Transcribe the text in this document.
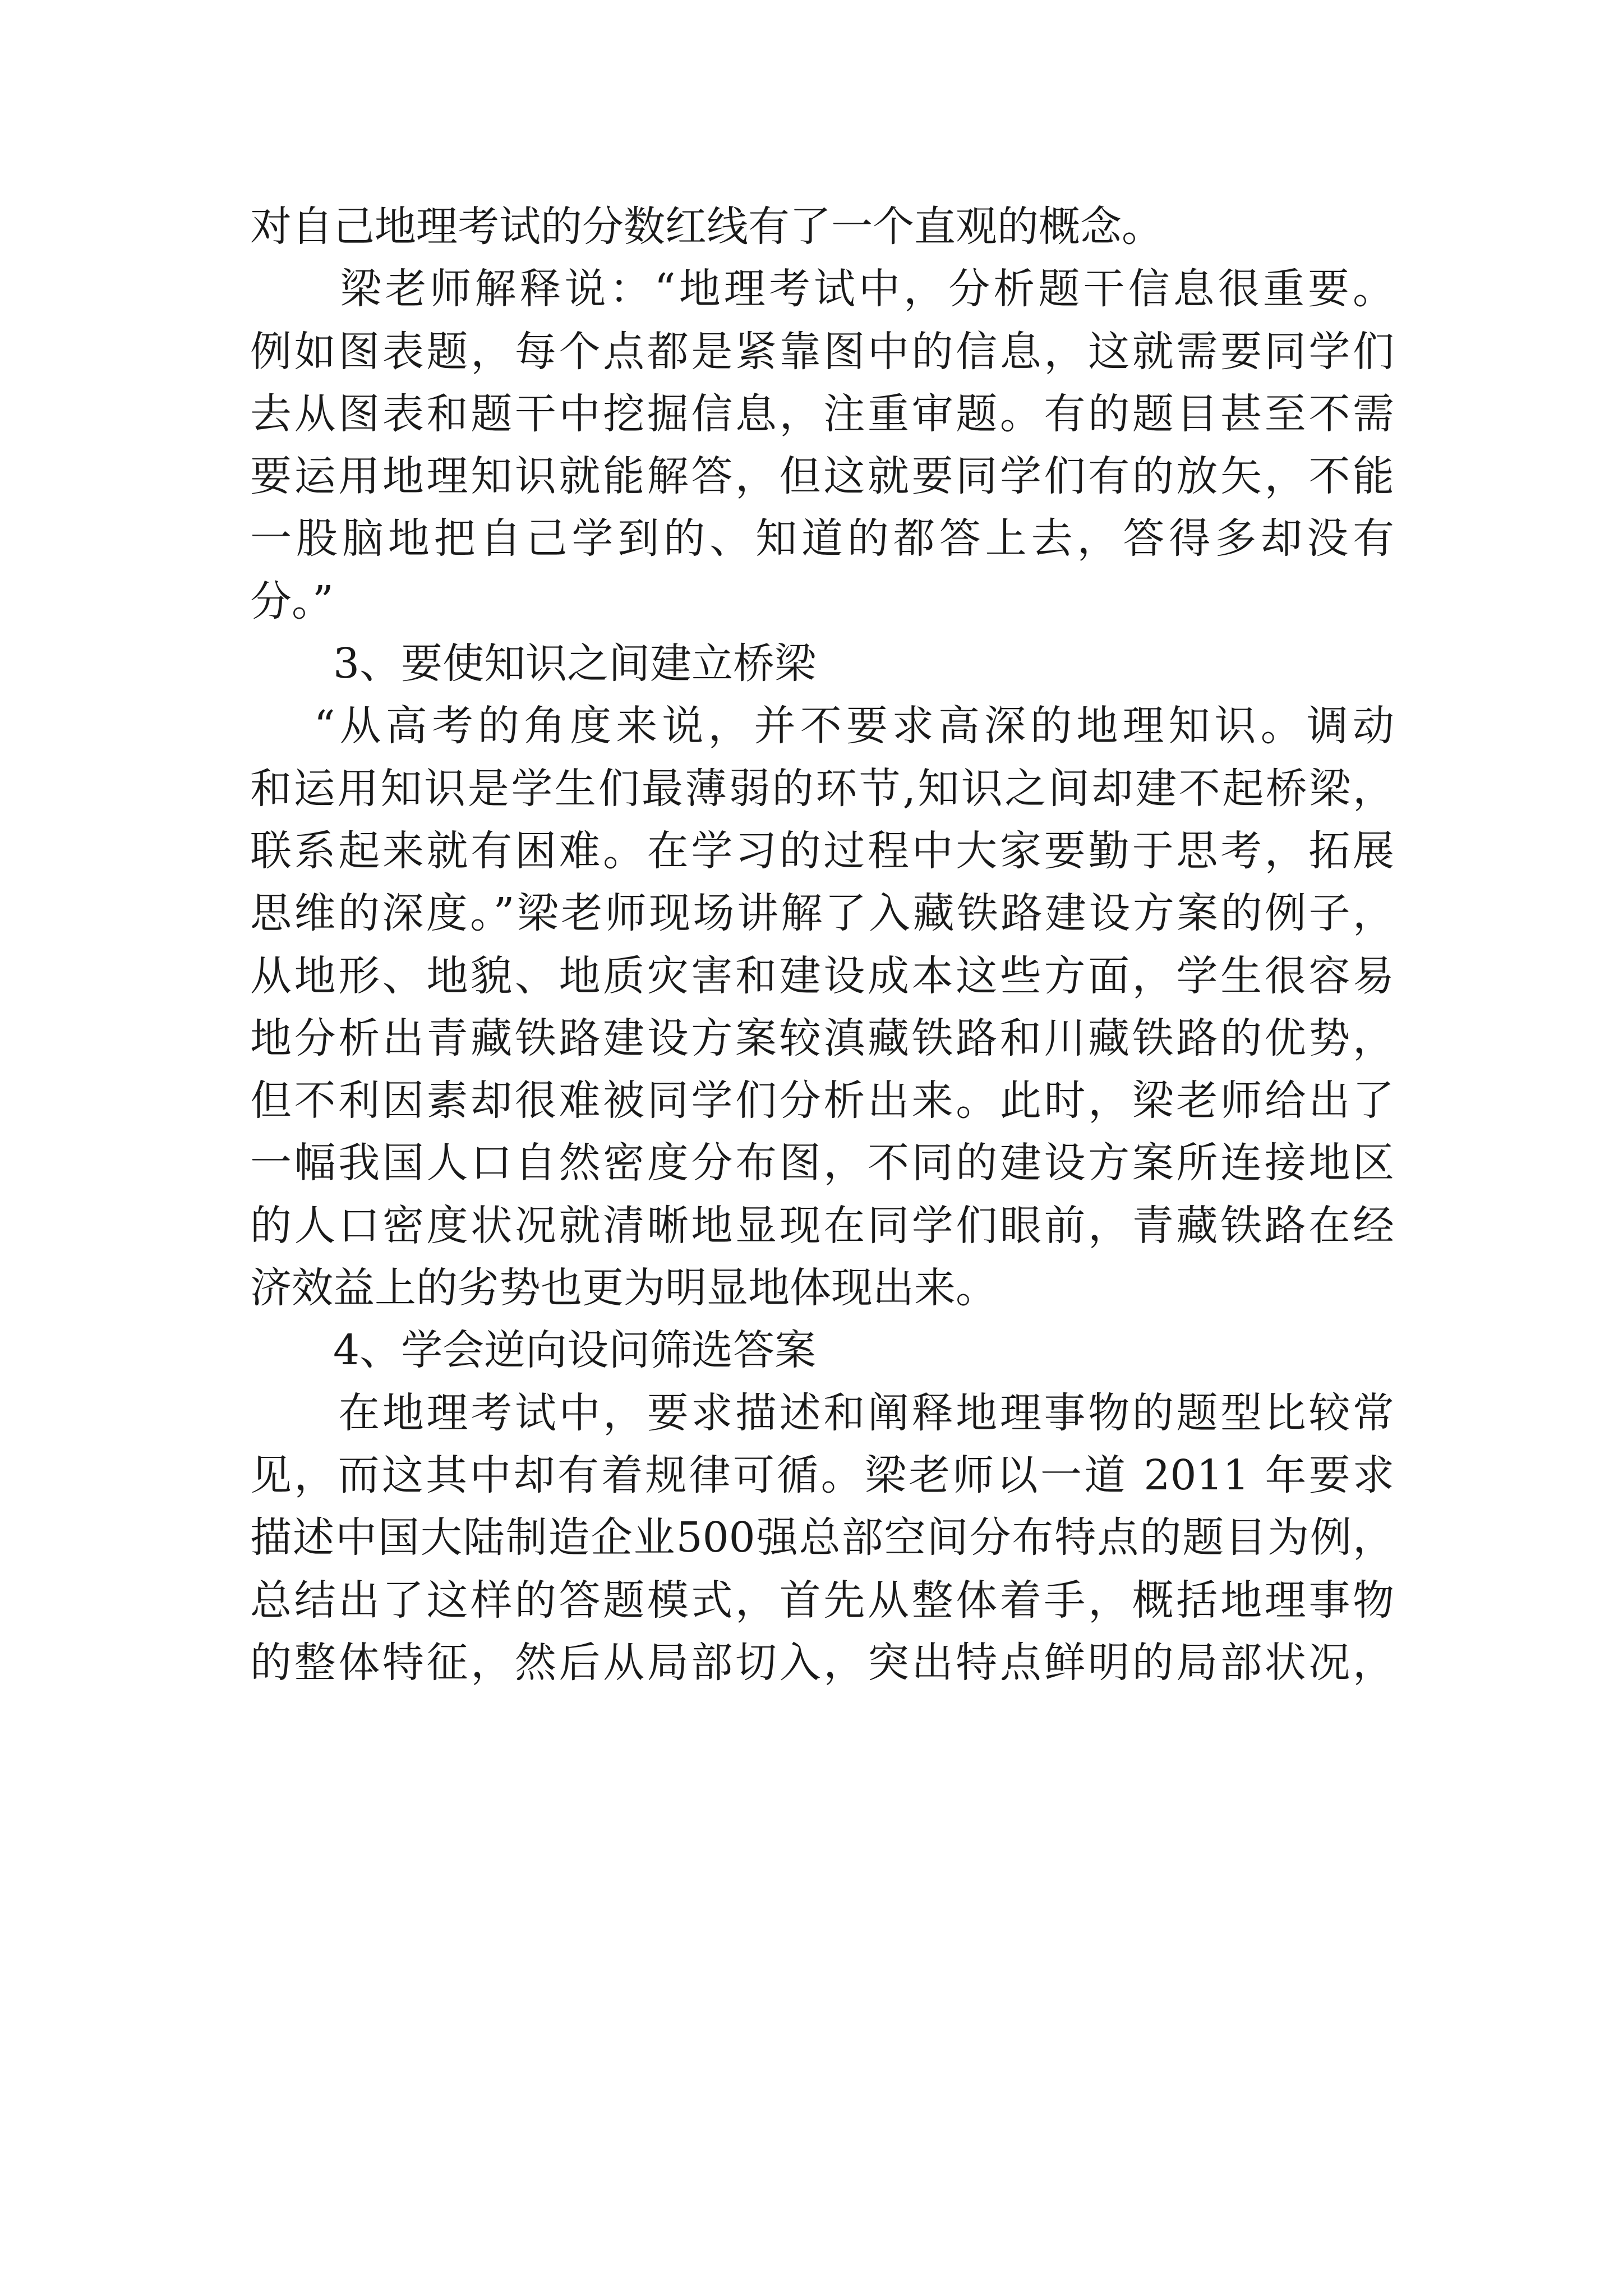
对自己地理考试的分数红线有了一个直观的概念。

　　梁老师解释说：“地理考试中，分析题干信息很重要。

例如图表题，每个点都是紧靠图中的信息，这就需要同学们

去从图表和题干中挖掘信息，注重审题。有的题目甚至不需

要运用地理知识就能解答，但这就要同学们有的放矢，不能

一股脑地把自己学到的、知道的都答上去，答得多却没有

分。”

　　3、要使知识之间建立桥梁

　 “从高考的角度来说，并不要求高深的地理知识。调动

和运用知识是学生们最薄弱的环节,知识之间却建不起桥梁，

联系起来就有困难。在学习的过程中大家要勤于思考，拓展

思维的深度。”梁老师现场讲解了入藏铁路建设方案的例子，

从地形、地貌、地质灾害和建设成本这些方面，学生很容易

地分析出青藏铁路建设方案较滇藏铁路和川藏铁路的优势，

但不利因素却很难被同学们分析出来。此时，梁老师给出了

一幅我国人口自然密度分布图，不同的建设方案所连接地区

的人口密度状况就清晰地显现在同学们眼前，青藏铁路在经

济效益上的劣势也更为明显地体现出来。

　　4、学会逆向设问筛选答案

　　在地理考试中，要求描述和阐释地理事物的题型比较常

见，而这其中却有着规律可循。梁老师以一道 2011 年要求

描述中国大陆制造企业500强总部空间分布特点的题目为例，

总结出了这样的答题模式，首先从整体着手，概括地理事物

的整体特征，然后从局部切入，突出特点鲜明的局部状况，
